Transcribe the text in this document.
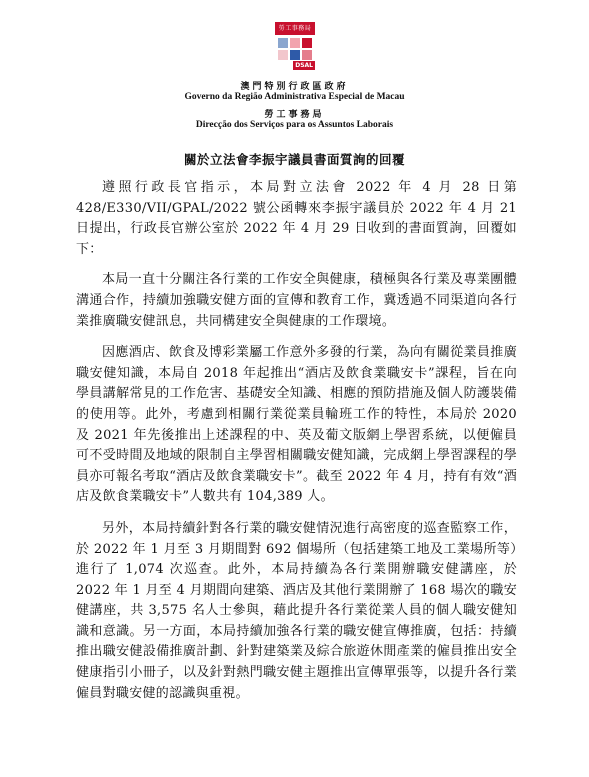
勞工事務局
DSAL
澳門特別行政區政府
Governo da Região Administrativa Especial de Macau
勞工事務局
Direcção dos Serviços para os Assuntos Laborais
關於立法會李振宇議員書面質詢的回覆

遵照行政長官指示，本局對立法會 2022 年 4 月 28 日第 428/E330/VII/GPAL/2022 號公函轉來李振宇議員於 2022 年 4 月 21 日提出，行政長官辦公室於 2022 年 4 月 29 日收到的書面質詢，回覆如下：

本局一直十分關注各行業的工作安全與健康，積極與各行業及專業團體溝通合作，持續加強職安健方面的宣傳和教育工作，冀透過不同渠道向各行業推廣職安健訊息，共同構建安全與健康的工作環境。

因應酒店、飲食及博彩業屬工作意外多發的行業，為向有關從業員推廣職安健知識，本局自 2018 年起推出“酒店及飲食業職安卡”課程，旨在向學員講解常見的工作危害、基礎安全知識、相應的預防措施及個人防護裝備的使用等。此外，考慮到相關行業從業員輪班工作的特性，本局於 2020 及 2021 年先後推出上述課程的中、英及葡文版網上學習系統，以便僱員可不受時間及地域的限制自主學習相關職安健知識，完成網上學習課程的學員亦可報名考取“酒店及飲食業職安卡”。截至 2022 年 4 月，持有有效“酒店及飲食業職安卡”人數共有 104,389 人。

另外，本局持續針對各行業的職安健情況進行高密度的巡查監察工作，於 2022 年 1 月至 3 月期間對 692 個場所（包括建築工地及工業場所等）進行了 1,074 次巡查。此外，本局持續為各行業開辦職安健講座，於 2022 年 1 月至 4 月期間向建築、酒店及其他行業開辦了 168 場次的職安健講座，共 3,575 名人士參與，藉此提升各行業從業人員的個人職安健知識和意識。另一方面，本局持續加強各行業的職安健宣傳推廣，包括：持續推出職安健設備推廣計劃、針對建築業及綜合旅遊休閒產業的僱員推出安全健康指引小冊子，以及針對熱門職安健主題推出宣傳單張等，以提升各行業僱員對職安健的認識與重視。
